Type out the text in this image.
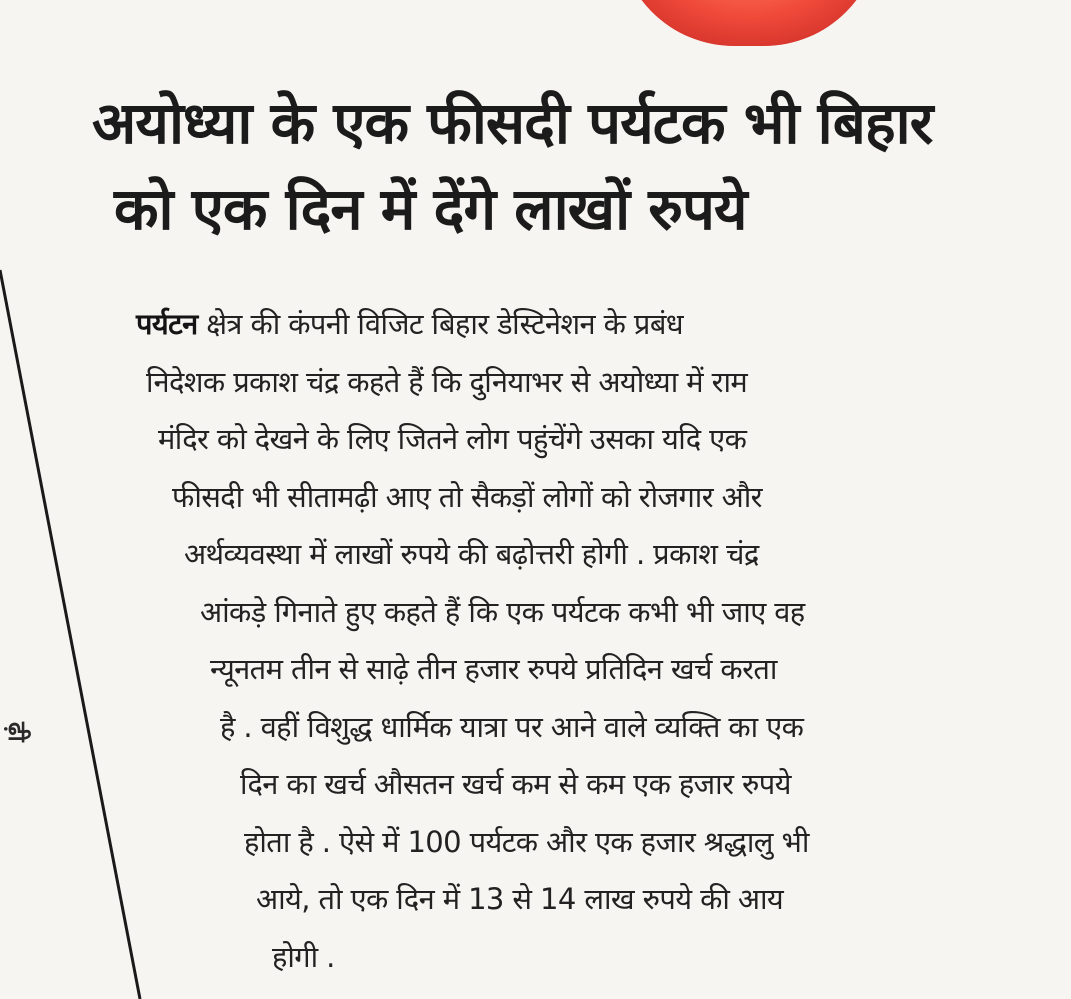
ढ़ी
अयोध्या के एक फीसदी पर्यटक भी बिहार
को एक दिन में देंगे लाखों रुपये
पर्यटन क्षेत्र की कंपनी विजिट बिहार डेस्टिनेशन के प्रबंध
निदेशक प्रकाश चंद्र कहते हैं कि दुनियाभर से अयोध्या में राम
मंदिर को देखने के लिए जितने लोग पहुंचेंगे उसका यदि एक
फीसदी भी सीतामढ़ी आए तो सैकड़ों लोगों को रोजगार और
अर्थव्यवस्था में लाखों रुपये की बढ़ोत्तरी होगी . प्रकाश चंद्र
आंकड़े गिनाते हुए कहते हैं कि एक पर्यटक कभी भी जाए वह
न्यूनतम तीन से साढ़े तीन हजार रुपये प्रतिदिन खर्च करता
है . वहीं विशुद्ध धार्मिक यात्रा पर आने वाले व्यक्ति का एक
दिन का खर्च औसतन खर्च कम से कम एक हजार रुपये
होता है . ऐसे में 100 पर्यटक और एक हजार श्रद्धालु भी
आये, तो एक दिन में 13 से 14 लाख रुपये की आय
होगी .
